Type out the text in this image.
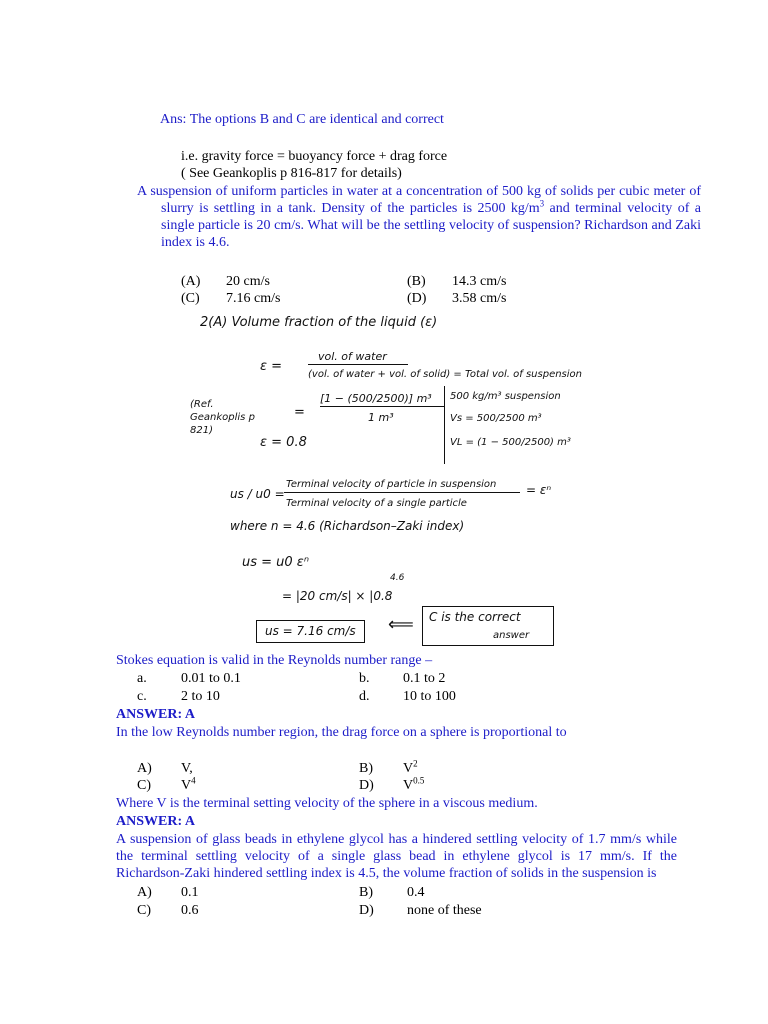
Ans: The options B and C are identical and correct
i.e. gravity force = buoyancy force + drag force
( See Geankoplis p 816-817 for details)
A suspension of uniform particles in water at a concentration of 500 kg of solids per cubic meter of slurry is settling in a tank. Density of the particles is 2500 $kg/m^3$ and terminal velocity of a single particle is 20 cm/s. What will be the settling velocity of suspension? Richardson and Zaki index is 4.6.
(A) 20 cm/s	(B) 14.3 cm/s
(C) 7.16 cm/s	(D) 3.58 cm/s
2(A) Volume fraction of the liquid (ε)
ε =
vol. of water
(vol. of water + vol. of solid) = Total vol. of suspension
(Ref. Geankoplis p 821)
=
[1 − (500/2500)] m³
1 m³
500 kg/m³ suspension
Vs = 500/2500 m³
VL = (1 − 500/2500) m³
ε = 0.8
us / u0 =
Terminal velocity of particle in suspension
Terminal velocity of a single particle
= εⁿ
where n = 4.6 (Richardson–Zaki index)
us = u0 εⁿ
= |20 cm/s| × |0.8
4.6
us = 7.16 cm/s	⟸ C is the correct
answer
Stokes equation is valid in the Reynolds number range –
a. 0.01 to 0.1	b. 0.1 to 2
c. 2 to 10	d. 10 to 100
ANSWER: A
In the low Reynolds number region, the drag force on a sphere is proportional to
A) V,	B) $V^2$
C) $V^4$	D) $V^{0.5}$
Where V is the terminal setting velocity of the sphere in a viscous medium.
ANSWER: A
A suspension of glass beads in ethylene glycol has a hindered settling velocity of 1.7 mm/s while the terminal settling velocity of a single glass bead in ethylene glycol is 17 mm/s. If the Richardson-Zaki hindered settling index is 4.5, the volume fraction of solids in the suspension is
A) 0.1	B) 0.4
C) 0.6	D) none of these
